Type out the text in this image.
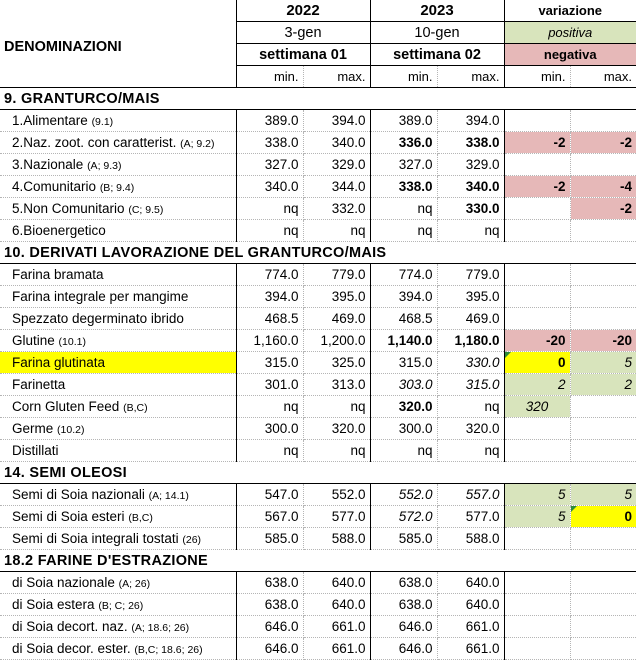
DENOMINAZIONI	2022		2023		variazione	
	3-gen		10-gen		positiva	
	settimana 01		settimana 02		negativa	
	min.	max.	min.	max.	min.	max.
9. GRANTURCO/MAIS						
1.Alimentare (9.1)	389.0	394.0	389.0	394.0		
2.Naz. zoot. con caratterist. (A; 9.2)	338.0	340.0	336.0	338.0	-2	-2
3.Nazionale (A; 9.3)	327.0	329.0	327.0	329.0		
4.Comunitario (B; 9.4)	340.0	344.0	338.0	340.0	-2	-4
5.Non Comunitario (C; 9.5)	nq	332.0	nq	330.0		-2
6.Bioenergetico	nq	nq	nq	nq		
10. DERIVATI LAVORAZIONE DEL GRANTURCO/MAIS						
Farina bramata	774.0	779.0	774.0	779.0		
Farina integrale per mangime	394.0	395.0	394.0	395.0		
Spezzato degerminato ibrido	468.5	469.0	468.5	469.0		
Glutine (10.1)	1,160.0	1,200.0	1,140.0	1,180.0	-20	-20
Farina glutinata	315.0	325.0	315.0	330.0	0	5
Farinetta	301.0	313.0	303.0	315.0	2	2
Corn Gluten Feed (B,C)	nq	nq	320.0	nq	320	
Germe (10.2)	300.0	320.0	300.0	320.0		
Distillati	nq	nq	nq	nq		
14. SEMI OLEOSI						
Semi di Soia nazionali (A; 14.1)	547.0	552.0	552.0	557.0	5	5
Semi di Soia esteri (B,C)	567.0	577.0	572.0	577.0	5	0
Semi di Soia integrali tostati (26)	585.0	588.0	585.0	588.0		
18.2 FARINE D'ESTRAZIONE						
di Soia nazionale (A; 26)	638.0	640.0	638.0	640.0		
di Soia estera (B; C; 26)	638.0	640.0	638.0	640.0		
di Soia decort. naz. (A; 18.6; 26)	646.0	661.0	646.0	661.0		
di Soia decor. ester. (B,C; 18.6; 26)	646.0	661.0	646.0	661.0		
